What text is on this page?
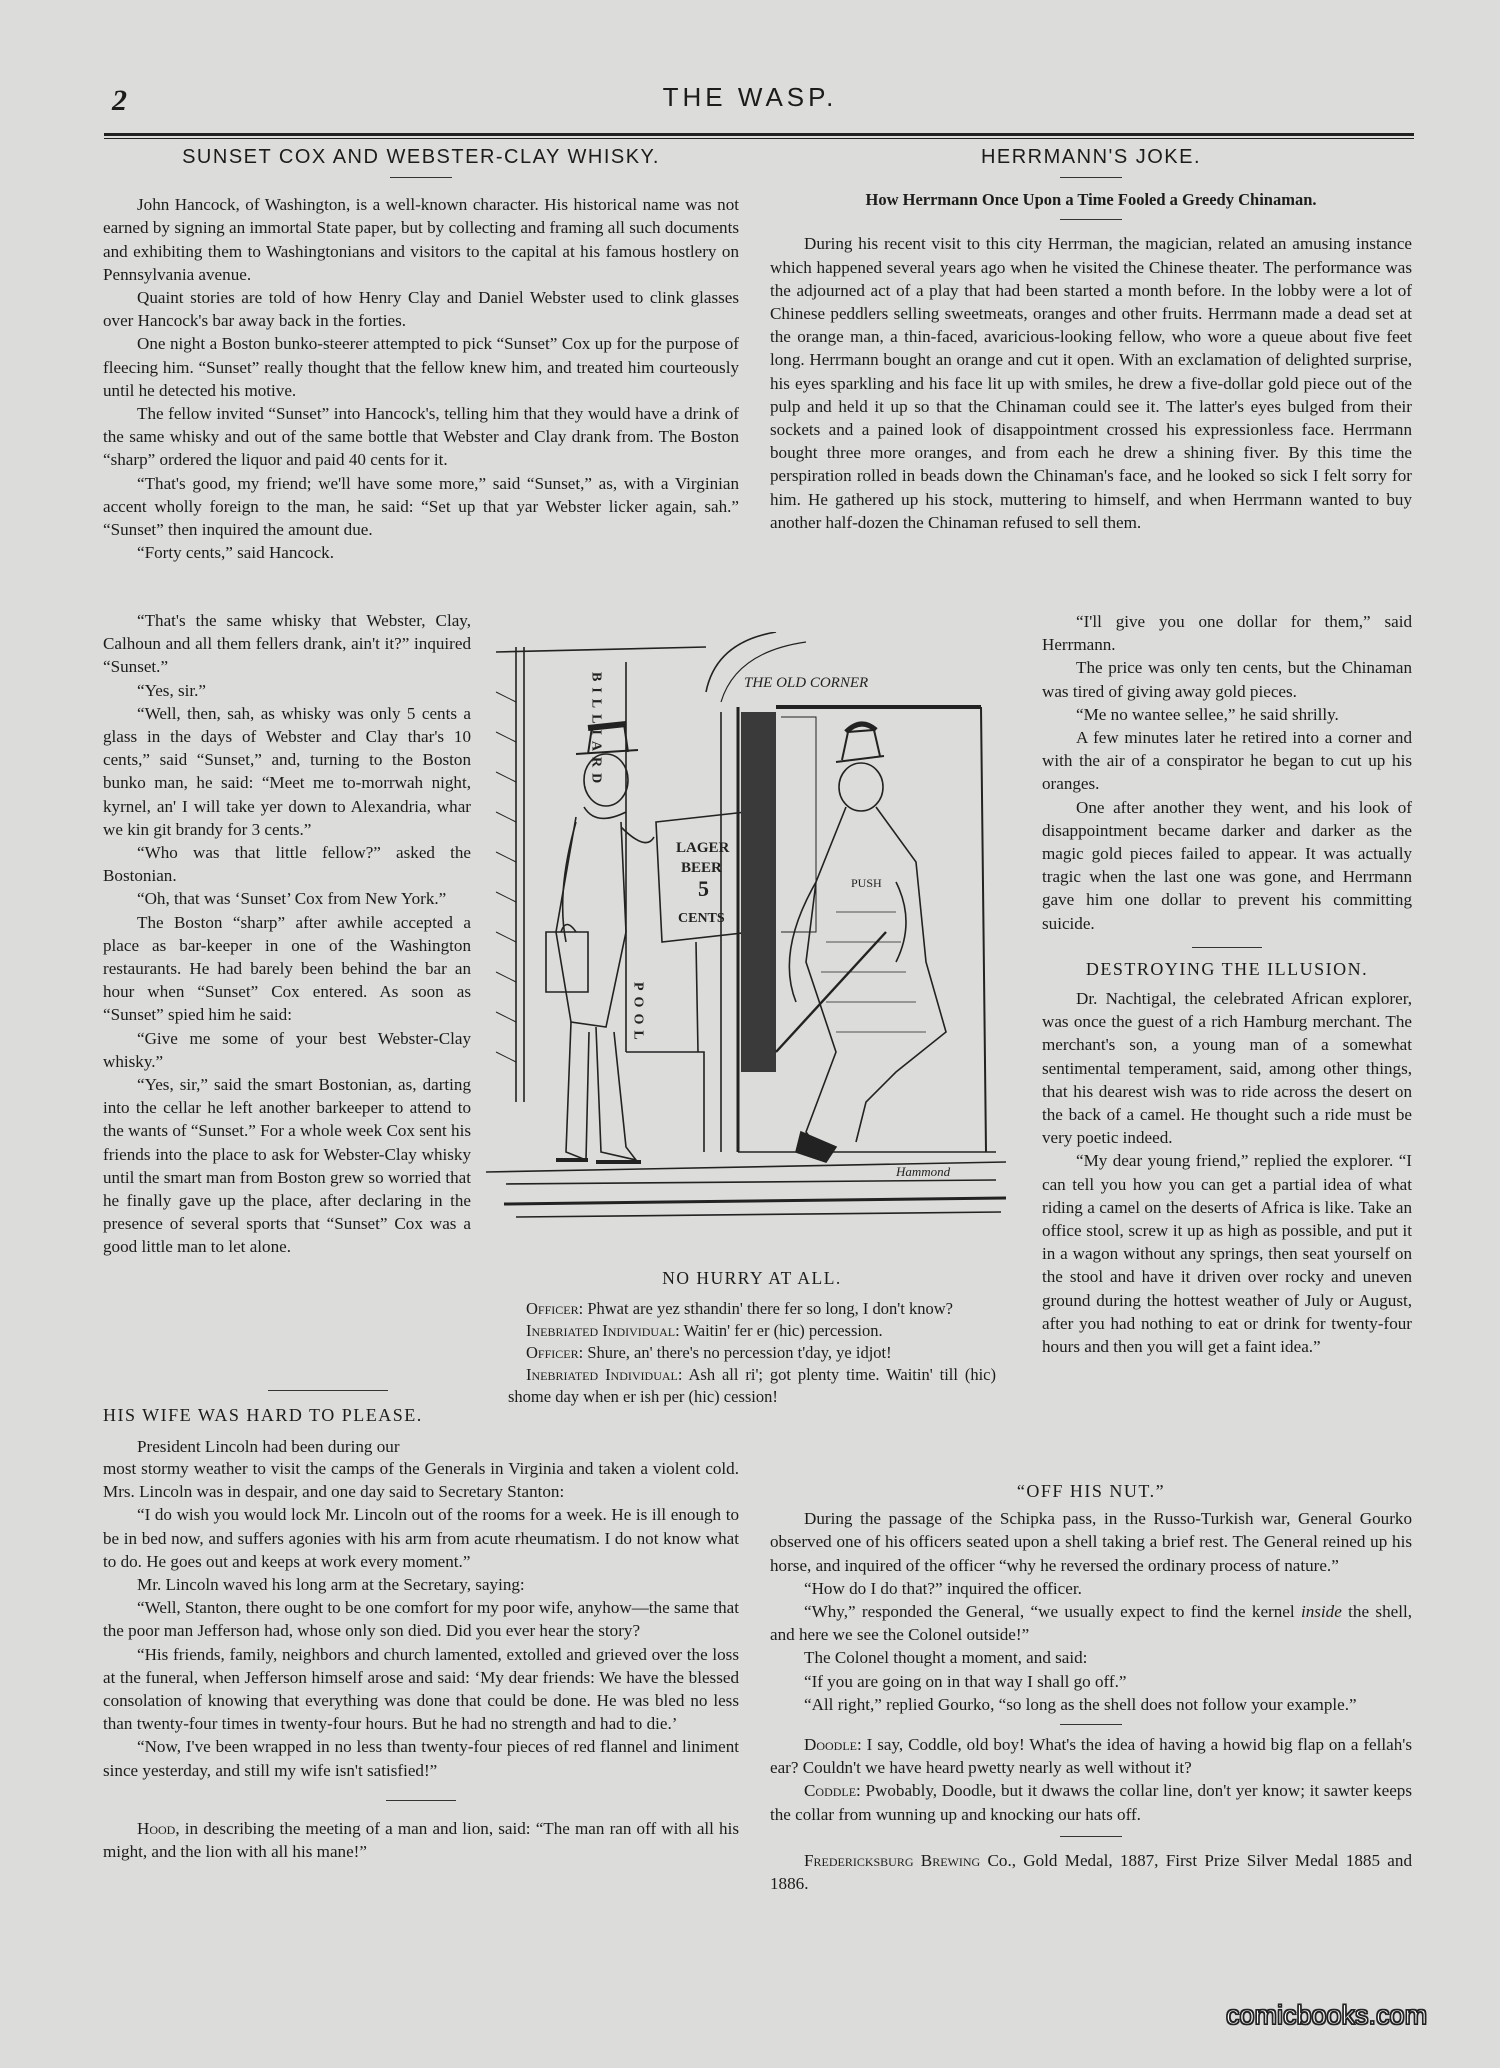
2	THE WASP.
SUNSET COX AND WEBSTER-CLAY WHISKY.

John Hancock, of Washington, is a well-known character. His historical name was not earned by signing an immortal State paper, but by collecting and framing all such documents and exhibiting them to Washingtonians and visitors to the capital at his famous hostlery on Pennsylvania avenue.

Quaint stories are told of how Henry Clay and Daniel Webster used to clink glasses over Hancock's bar away back in the forties.

One night a Boston bunko-steerer attempted to pick “Sunset” Cox up for the purpose of fleecing him. “Sunset” really thought that the fellow knew him, and treated him courteously until he detected his motive.

The fellow invited “Sunset” into Hancock's, telling him that they would have a drink of the same whisky and out of the same bottle that Webster and Clay drank from. The Boston “sharp” ordered the liquor and paid 40 cents for it.

“That's good, my friend; we'll have some more,” said “Sunset,” as, with a Virginian accent wholly foreign to the man, he said: “Set up that yar Webster licker again, sah.” “Sunset” then inquired the amount due.

“Forty cents,” said Hancock.

“That's the same whisky that Webster, Clay, Calhoun and all them fellers drank, ain't it?” inquired “Sunset.”

“Yes, sir.”

“Well, then, sah, as whisky was only 5 cents a glass in the days of Webster and Clay thar's 10 cents,” said “Sunset,” and, turning to the Boston bunko man, he said: “Meet me to-morrwah night, kyrnel, an' I will take yer down to Alexandria, whar we kin git brandy for 3 cents.”

“Who was that little fellow?” asked the Bostonian.

“Oh, that was ‘Sunset’ Cox from New York.”

The Boston “sharp” after awhile accepted a place as bar-keeper in one of the Washington restaurants. He had barely been behind the bar an hour when “Sunset” Cox entered. As soon as “Sunset” spied him he said:

“Give me some of your best Webster-Clay whisky.”

“Yes, sir,” said the smart Bostonian, as, darting into the cellar he left another barkeeper to attend to the wants of “Sunset.” For a whole week Cox sent his friends into the place to ask for Webster-Clay whisky until the smart man from Boston grew so worried that he finally gave up the place, after declaring in the presence of several sports that “Sunset” Cox was a good little man to let alone.

HIS WIFE WAS HARD TO PLEASE.

President Lincoln had been during our

most stormy weather to visit the camps of the Generals in Virginia and taken a violent cold. Mrs. Lincoln was in despair, and one day said to Secretary Stanton:

“I do wish you would lock Mr. Lincoln out of the rooms for a week. He is ill enough to be in bed now, and suffers agonies with his arm from acute rheumatism. I do not know what to do. He goes out and keeps at work every moment.”

Mr. Lincoln waved his long arm at the Secretary, saying:

“Well, Stanton, there ought to be one comfort for my poor wife, anyhow—the same that the poor man Jefferson had, whose only son died. Did you ever hear the story?

“His friends, family, neighbors and church lamented, extolled and grieved over the loss at the funeral, when Jefferson himself arose and said: ‘My dear friends: We have the blessed consolation of knowing that everything was done that could be done. He was bled no less than twenty-four times in twenty-four hours. But he had no strength and had to die.’

“Now, I've been wrapped in no less than twenty-four pieces of red flannel and liniment since yesterday, and still my wife isn't satisfied!”

Hood, in describing the meeting of a man and lion, said: “The man ran off with all his might, and the lion with all his mane!”

HERRMANN'S JOKE.
How Herrmann Once Upon a Time Fooled a Greedy Chinaman.

During his recent visit to this city Herrman, the magician, related an amusing instance which happened several years ago when he visited the Chinese theater. The performance was the adjourned act of a play that had been started a month before. In the lobby were a lot of Chinese peddlers selling sweetmeats, oranges and other fruits. Herrmann made a dead set at the orange man, a thin-faced, avaricious-looking fellow, who wore a queue about five feet long. Herrmann bought an orange and cut it open. With an exclamation of delighted surprise, his eyes sparkling and his face lit up with smiles, he drew a five-dollar gold piece out of the pulp and held it up so that the Chinaman could see it. The latter's eyes bulged from their sockets and a pained look of disappointment crossed his expressionless face. Herrmann bought three more oranges, and from each he drew a shining fiver. By this time the perspiration rolled in beads down the Chinaman's face, and he looked so sick I felt sorry for him. He gathered up his stock, muttering to himself, and when Herrmann wanted to buy another half-dozen the Chinaman refused to sell them.

“I'll give you one dollar for them,” said Herrmann.

The price was only ten cents, but the Chinaman was tired of giving away gold pieces.

“Me no wantee sellee,” he said shrilly.

A few minutes later he retired into a corner and with the air of a conspirator he began to cut up his oranges.

One after another they went, and his look of disappointment became darker and darker as the magic gold pieces failed to appear. It was actually tragic when the last one was gone, and Herrmann gave him one dollar to prevent his committing suicide.

DESTROYING THE ILLUSION.

Dr. Nachtigal, the celebrated African explorer, was once the guest of a rich Hamburg merchant. The merchant's son, a young man of a somewhat sentimental temperament, said, among other things, that his dearest wish was to ride across the desert on the back of a camel. He thought such a ride must be very poetic indeed.

“My dear young friend,” replied the explorer. “I can tell you how you can get a partial idea of what riding a camel on the deserts of Africa is like. Take an office stool, screw it up as high as possible, and put it in a wagon without any springs, then seat yourself on the stool and have it driven over rocky and uneven ground during the hottest weather of July or August, after you had nothing to eat or drink for twenty-four hours and then you will get a faint idea.”

BILLIARD
POOL
LAGER
BEER
5
CENTS
THE OLD CORNER
PUSH
Hammond
NO HURRY AT ALL.

Officer: Phwat are yez sthandin' there fer so long, I don't know?

Inebriated Individual: Waitin' fer er (hic) percession.

Officer: Shure, an' there's no percession t'day, ye idjot!

Inebriated Individual: Ash all ri'; got plenty time. Waitin' till (hic) shome day when er ish per (hic) cession!

“OFF HIS NUT.”

During the passage of the Schipka pass, in the Russo-Turkish war, General Gourko observed one of his officers seated upon a shell taking a brief rest. The General reined up his horse, and inquired of the officer “why he reversed the ordinary process of nature.”

“How do I do that?” inquired the officer.

“Why,” responded the General, “we usually expect to find the kernel inside the shell, and here we see the Colonel outside!”

The Colonel thought a moment, and said:

“If you are going on in that way I shall go off.”

“All right,” replied Gourko, “so long as the shell does not follow your example.”

Doodle: I say, Coddle, old boy! What's the idea of having a howid big flap on a fellah's ear? Couldn't we have heard pwetty nearly as well without it?

Coddle: Pwobably, Doodle, but it dwaws the collar line, don't yer know; it sawter keeps the collar from wunning up and knocking our hats off.

Fredericksburg Brewing Co., Gold Medal, 1887, First Prize Silver Medal 1885 and 1886.

comicbooks.com
